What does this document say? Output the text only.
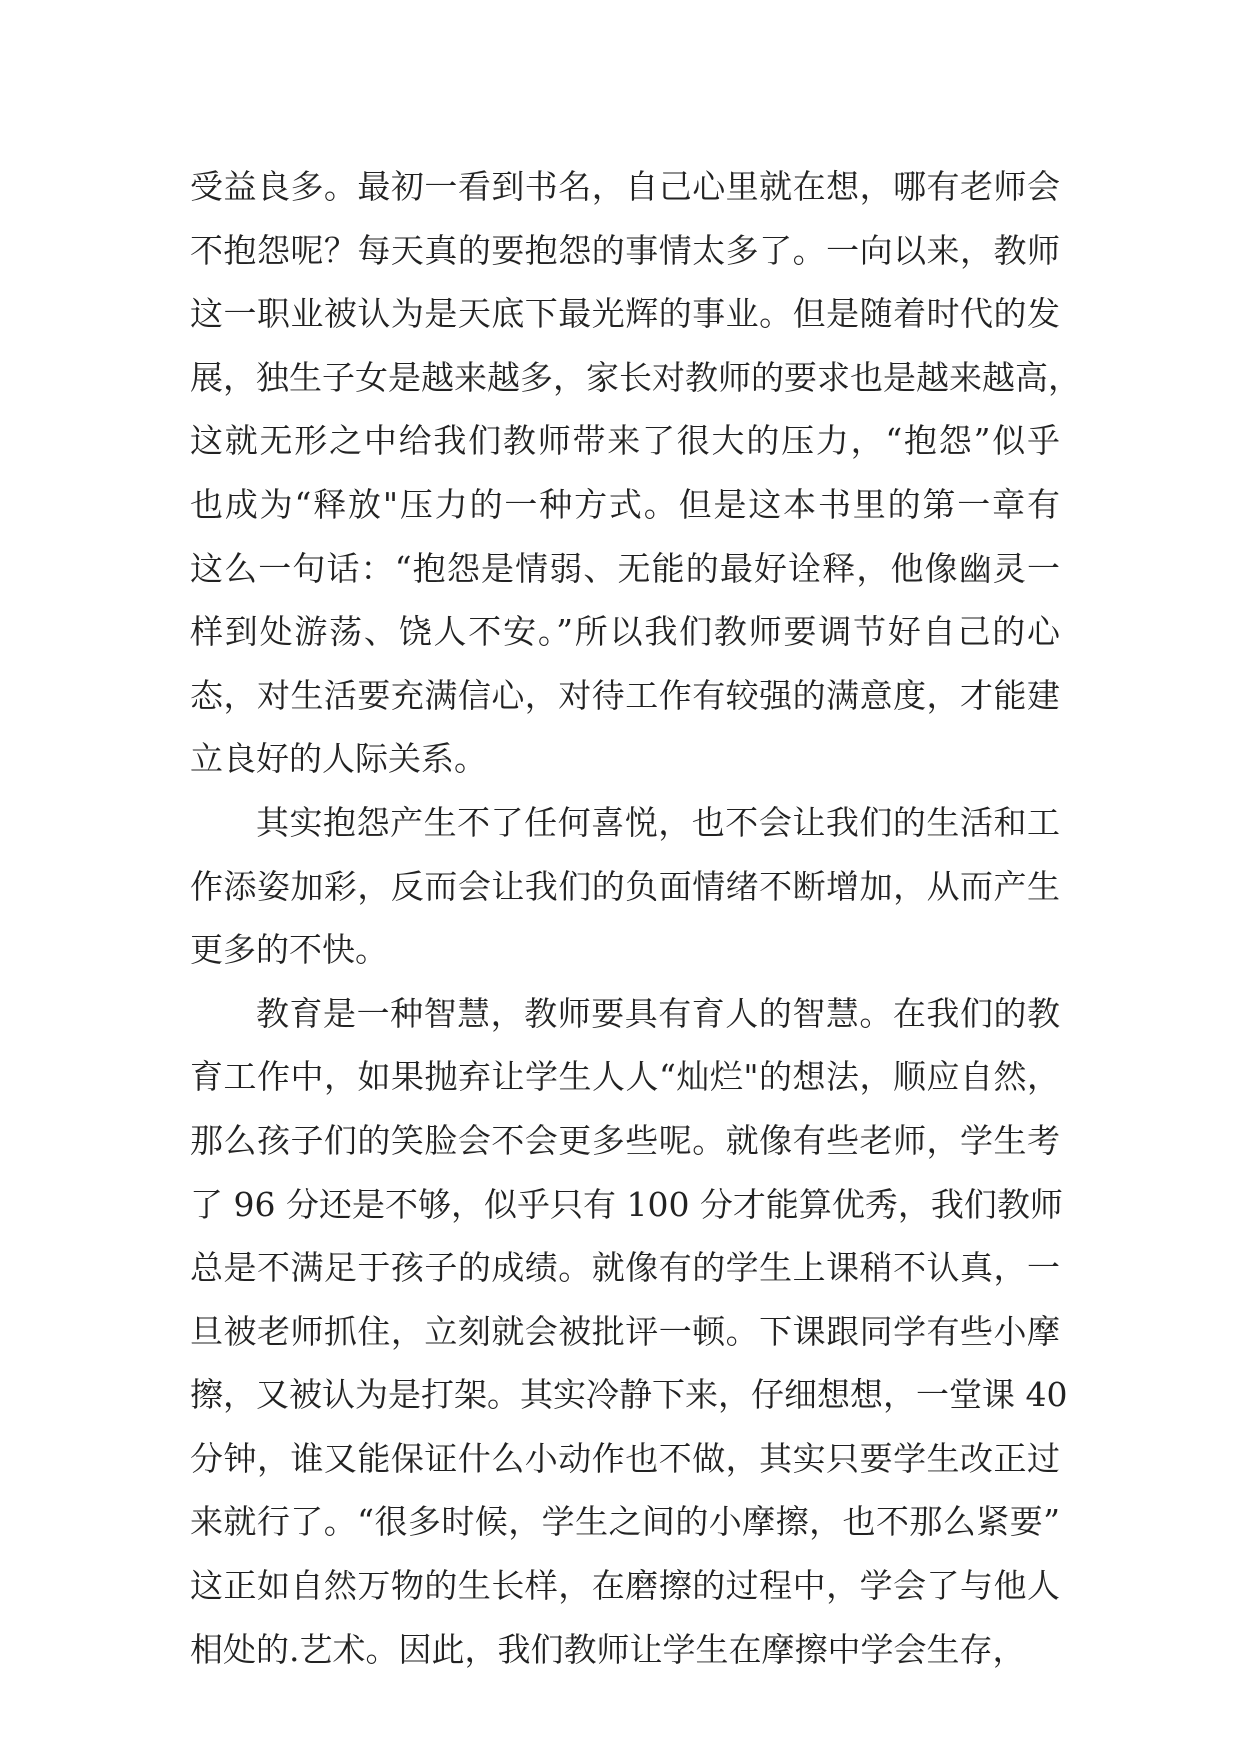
受益良多。最初一看到书名，自己心里就在想，哪有老师会
不抱怨呢？每天真的要抱怨的事情太多了。一向以来，教师
这一职业被认为是天底下最光辉的事业。但是随着时代的发
展，独生子女是越来越多，家长对教师的要求也是越来越高，
这就无形之中给我们教师带来了很大的压力，“抱怨”似乎
也成为“释放"压力的一种方式。但是这本书里的第一章有
这么一句话：“抱怨是情弱、无能的最好诠释，他像幽灵一
样到处游荡、饶人不安。”所以我们教师要调节好自己的心
态，对生活要充满信心，对待工作有较强的满意度，才能建
立良好的人际关系。
其实抱怨产生不了任何喜悦，也不会让我们的生活和工
作添姿加彩，反而会让我们的负面情绪不断增加，从而产生
更多的不快。
教育是一种智慧，教师要具有育人的智慧。在我们的教
育工作中，如果抛弃让学生人人“灿烂"的想法，顺应自然，
那么孩子们的笑脸会不会更多些呢。就像有些老师，学生考
了 96 分还是不够，似乎只有 100 分才能算优秀，我们教师
总是不满足于孩子的成绩。就像有的学生上课稍不认真，一
旦被老师抓住，立刻就会被批评一顿。下课跟同学有些小摩
擦，又被认为是打架。其实冷静下来，仔细想想，一堂课 40
分钟，谁又能保证什么小动作也不做，其实只要学生改正过
来就行了。“很多时候，学生之间的小摩擦，也不那么紧要”
这正如自然万物的生长样，在磨擦的过程中，学会了与他人
相处的.艺术。因此，我们教师让学生在摩擦中学会生存，
